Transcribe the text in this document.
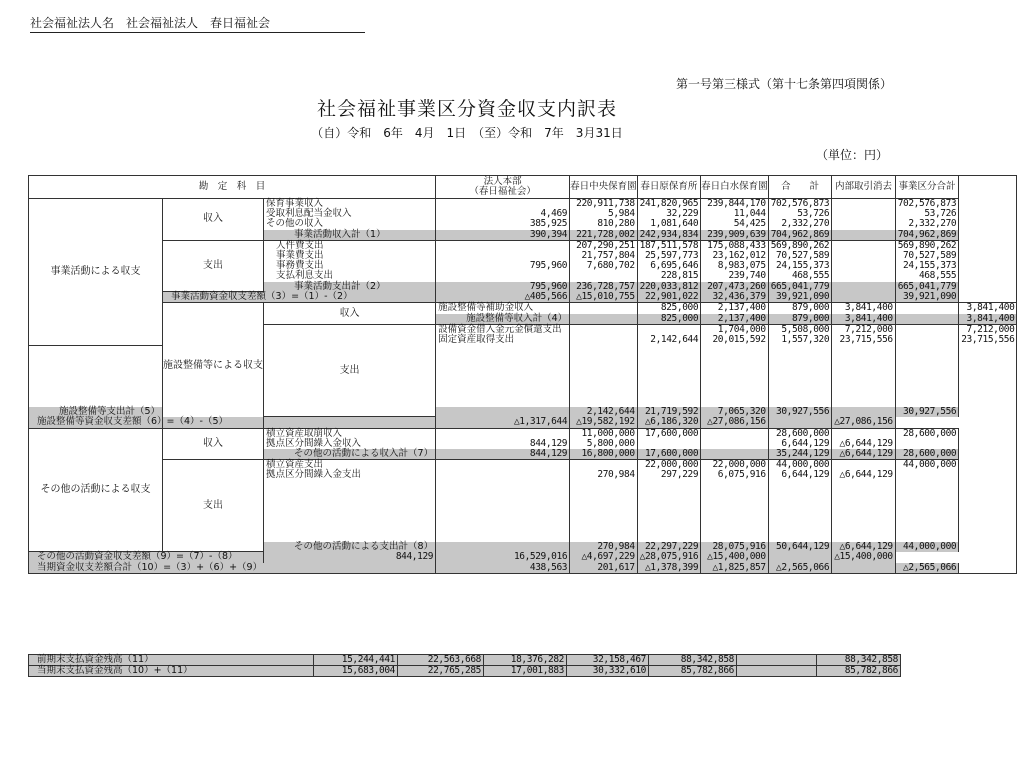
社会福祉法人名　社会福祉法人　春日福祉会
第一号第三様式（第十七条第四項関係）
社会福祉事業区分資金収支内訳表
（自）令和　6年　4月　1日　（至）令和　7年　3月31日
（単位：円）
勘　定　科　目			法人本部
（春日福祉会）	春日中央保育園	春日原保育所	春日白水保育園	合　　計	内部取引消去	事業区分合計	
事業活動による収支	収入	保育事業収入		220,911,738	241,820,965	239,844,170	702,576,873		702,576,873	
		受取利息配当金収入	4,469	5,984	32,229	11,044	53,726		53,726	
		その他の収入	385,925	810,280	1,081,640	54,425	2,332,270		2,332,270	
		事業活動収入計（1）	390,394	221,728,002	242,934,834	239,909,639	704,962,869		704,962,869	
	支出	人件費支出		207,290,251	187,511,578	175,088,433	569,890,262		569,890,262	
		事業費支出		21,757,804	25,597,773	23,162,012	70,527,589		70,527,589	
		事務費支出	795,960	7,680,702	6,695,646	8,983,075	24,155,373		24,155,373	
		支払利息支出			228,815	239,740	468,555		468,555	
		事業活動支出計（2）	795,960	236,728,757	220,033,812	207,473,260	665,041,779		665,041,779	
	事業活動資金収支差額（3）=（1）-（2）		△405,566	△15,010,755	22,901,022	32,436,379	39,921,090		39,921,090	
	施設整備等による収支	収入	施設整備等補助金収入		825,000	2,137,400	879,000	3,841,400		3,841,400
			施設整備等収入計（4）		825,000	2,137,400	879,000	3,841,400		3,841,400
		支出	設備資金借入金元金償還支出			1,704,000	5,508,000	7,212,000		7,212,000
			固定資産取得支出		2,142,644	20,015,592	1,557,320	23,715,556		23,715,556

施設整備等支出計（5）				2,142,644	21,719,592	7,065,320	30,927,556		30,927,556	
施設整備等資金収支差額（6）=（4）-（5）			△1,317,644	△19,582,192	△6,186,320	△27,086,156		△27,086,156		
その他の活動による収支	収入	積立資産取崩収入		11,000,000	17,600,000		28,600,000		28,600,000	
		拠点区分間繰入金収入	844,129	5,800,000			6,644,129	△6,644,129		
		その他の活動による収入計（7）	844,129	16,800,000	17,600,000		35,244,129	△6,644,129	28,600,000	
	支出	積立資産支出			22,000,000	22,000,000	44,000,000		44,000,000	
		拠点区分間繰入金支出		270,984	297,229	6,075,916	6,644,129	△6,644,129		

		その他の活動による支出計（8）		270,984	22,297,229	28,075,916	50,644,129	△6,644,129	44,000,000	
その他の活動資金収支差額（9）=（7）-（8）		844,129	16,529,016	△4,697,229	△28,075,916	△15,400,000		△15,400,000		
当期資金収支差額合計（10）=（3）+（6）+（9）			438,563	201,617	△1,378,399	△1,825,857	△2,565,066		△2,565,066	
前期末支払資金残高（11）	15,244,441	22,563,668	18,376,282	32,158,467	88,342,858		88,342,858
当期末支払資金残高（10）+（11）	15,683,004	22,765,285	17,001,883	30,332,610	85,782,866		85,782,866
